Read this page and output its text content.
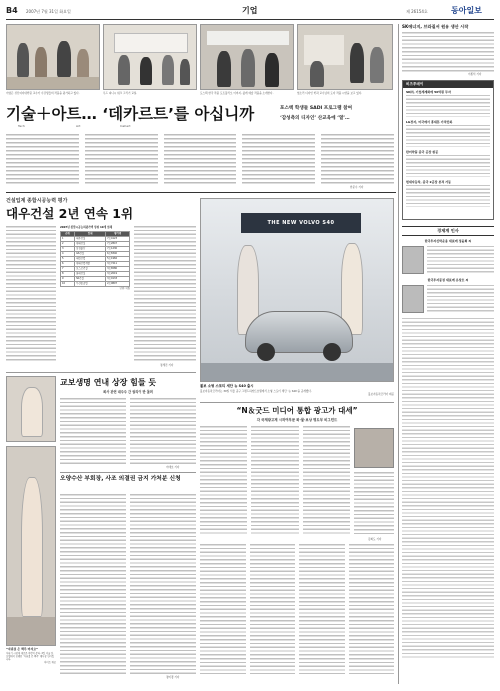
B4 2007년 7월 31일 화요일	기업	제 26154호	동아일보
이영은 성신여자대학원 교수가 수강생들의 작품을 평가하고 있다.	우드 피니시 워크 그리기 교실.	포스텍 한국 작품 포트폴리오 이미지, 쉽게 예술 작품을 소개한다.	업소리 디자인 학과 교수님의 도자 작품 시연을 보고 있다.
기술＋아트… ‘데카르트’를 아십니까
Tech	Art	Inshart
포스텍 학생들 SADI 프로그램 참여
‘감성측의 디자인’ 산교육에 ‘열’…
한문수 기자
SK에너지, 브라질서 원유 생산 시작
이종석 기자
비즈투데이
SK㈜, 기업세계화에 50억원 투자
LG전자, 미국에서 휴대폰 가격인하
한미약품 중국 공장 완공
현대자동차, 중국 2공장 본격 가동
경제계 인사
한국투자신탁운용 대표에 정윤회 씨
한국투자증권 대표에 유상호 씨
건설업계 종합시공능력 평가
대우건설 2년 연속 1위
2007년 종합시공능력평가액 상위 10개 업체
순위	업체	평가액
1	대우건설	7조4123
2	현대건설	7조2847
3	삼성물산	7조1230
4	GS건설	6조8340
5	대림산업	5조1982
6	현대산업개발	3조7211
7	포스코건설	3조6580
8	롯데건설	3조2019
9	SK건설	3조0133
10	두산중공업	2조9807
단위: 억원
정세진 기자
THE NEW VOLVO S40
볼보 소형 스포티 세단 뉴 S40 출시
볼보자동차코리아는 30일 서울 중구 그랜드하얏트호텔에서 소형 스포티 세단 ‘뉴 S40’을 공개했다.
볼보자동차코리아 제공
“N＆굿드 미디어 통합 광고가 대세”
각 국제광고제 시작여부문 화·물·보상 명도부 비그런드
김희도 기자
교보생명 연내 상장 힘들 듯
회사 관련 대주주 간 권리이 반 몰려
이태호 기자
오양수산 부회장, 사조 의결권 금지 가처분 신청
정미경 기자
“자판결 은 맥주 마셔요”
자판기 시장에 새로운 바람이 분다. 2일 서울 한 호텔에서 진행된 ‘자판결 은 맥주’ 행사장 인사입니다.
하이트 제공
